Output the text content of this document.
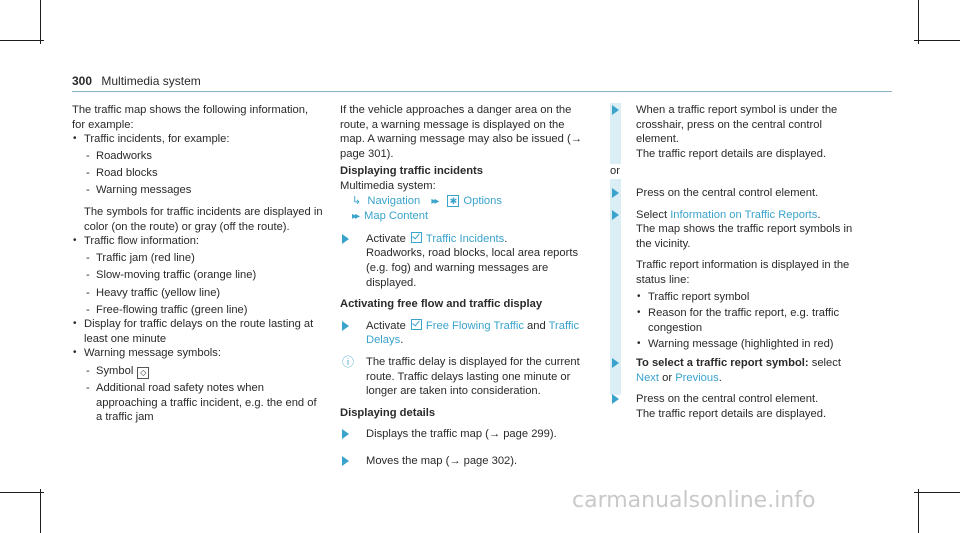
300 Multimedia system

The traffic map shows the following information, for example:

• Traffic incidents, for example:

- Roadworks

- Road blocks

- Warning messages

The symbols for traffic incidents are displayed in color (on the route) or gray (off the route).

• Traffic flow information:

- Traffic jam (red line)

- Slow-moving traffic (orange line)

- Heavy traffic (yellow line)

- Free-flowing traffic (green line)

• Display for traffic delays on the route lasting at least one minute

• Warning message symbols:

- Symbol ◇

- Additional road safety notes when approaching a traffic incident, e.g. the end of a traffic jam

If the vehicle approaches a danger area on the route, a warning message is displayed on the map. A warning message may also be issued (→ page 301).

Displaying traffic incidents

Multimedia system:

↳ Navigation ▸▸ ✱ Options

▸▸ Map Content

Activate Traffic Incidents.

Roadworks, road blocks, local area reports (e.g. fog) and warning messages are displayed.

Activating free flow and traffic display

Activate Free Flowing Traffic and Traffic Delays.

ⓘ The traffic delay is displayed for the current route. Traffic delays lasting one minute or longer are taken into consideration.

Displaying details

Displays the traffic map (→ page 299).

Moves the map (→ page 302).

When a traffic report symbol is under the crosshair, press on the central control element.

The traffic report details are displayed.

or

Press on the central control element.

Select Information on Traffic Reports.

The map shows the traffic report symbols in the vicinity.

Traffic report information is displayed in the status line:

• Traffic report symbol

• Reason for the traffic report, e.g. traffic congestion

• Warning message (highlighted in red)

To select a traffic report symbol: select
Next or Previous.

Press on the central control element.

The traffic report details are displayed.

carmanualsonline.info
